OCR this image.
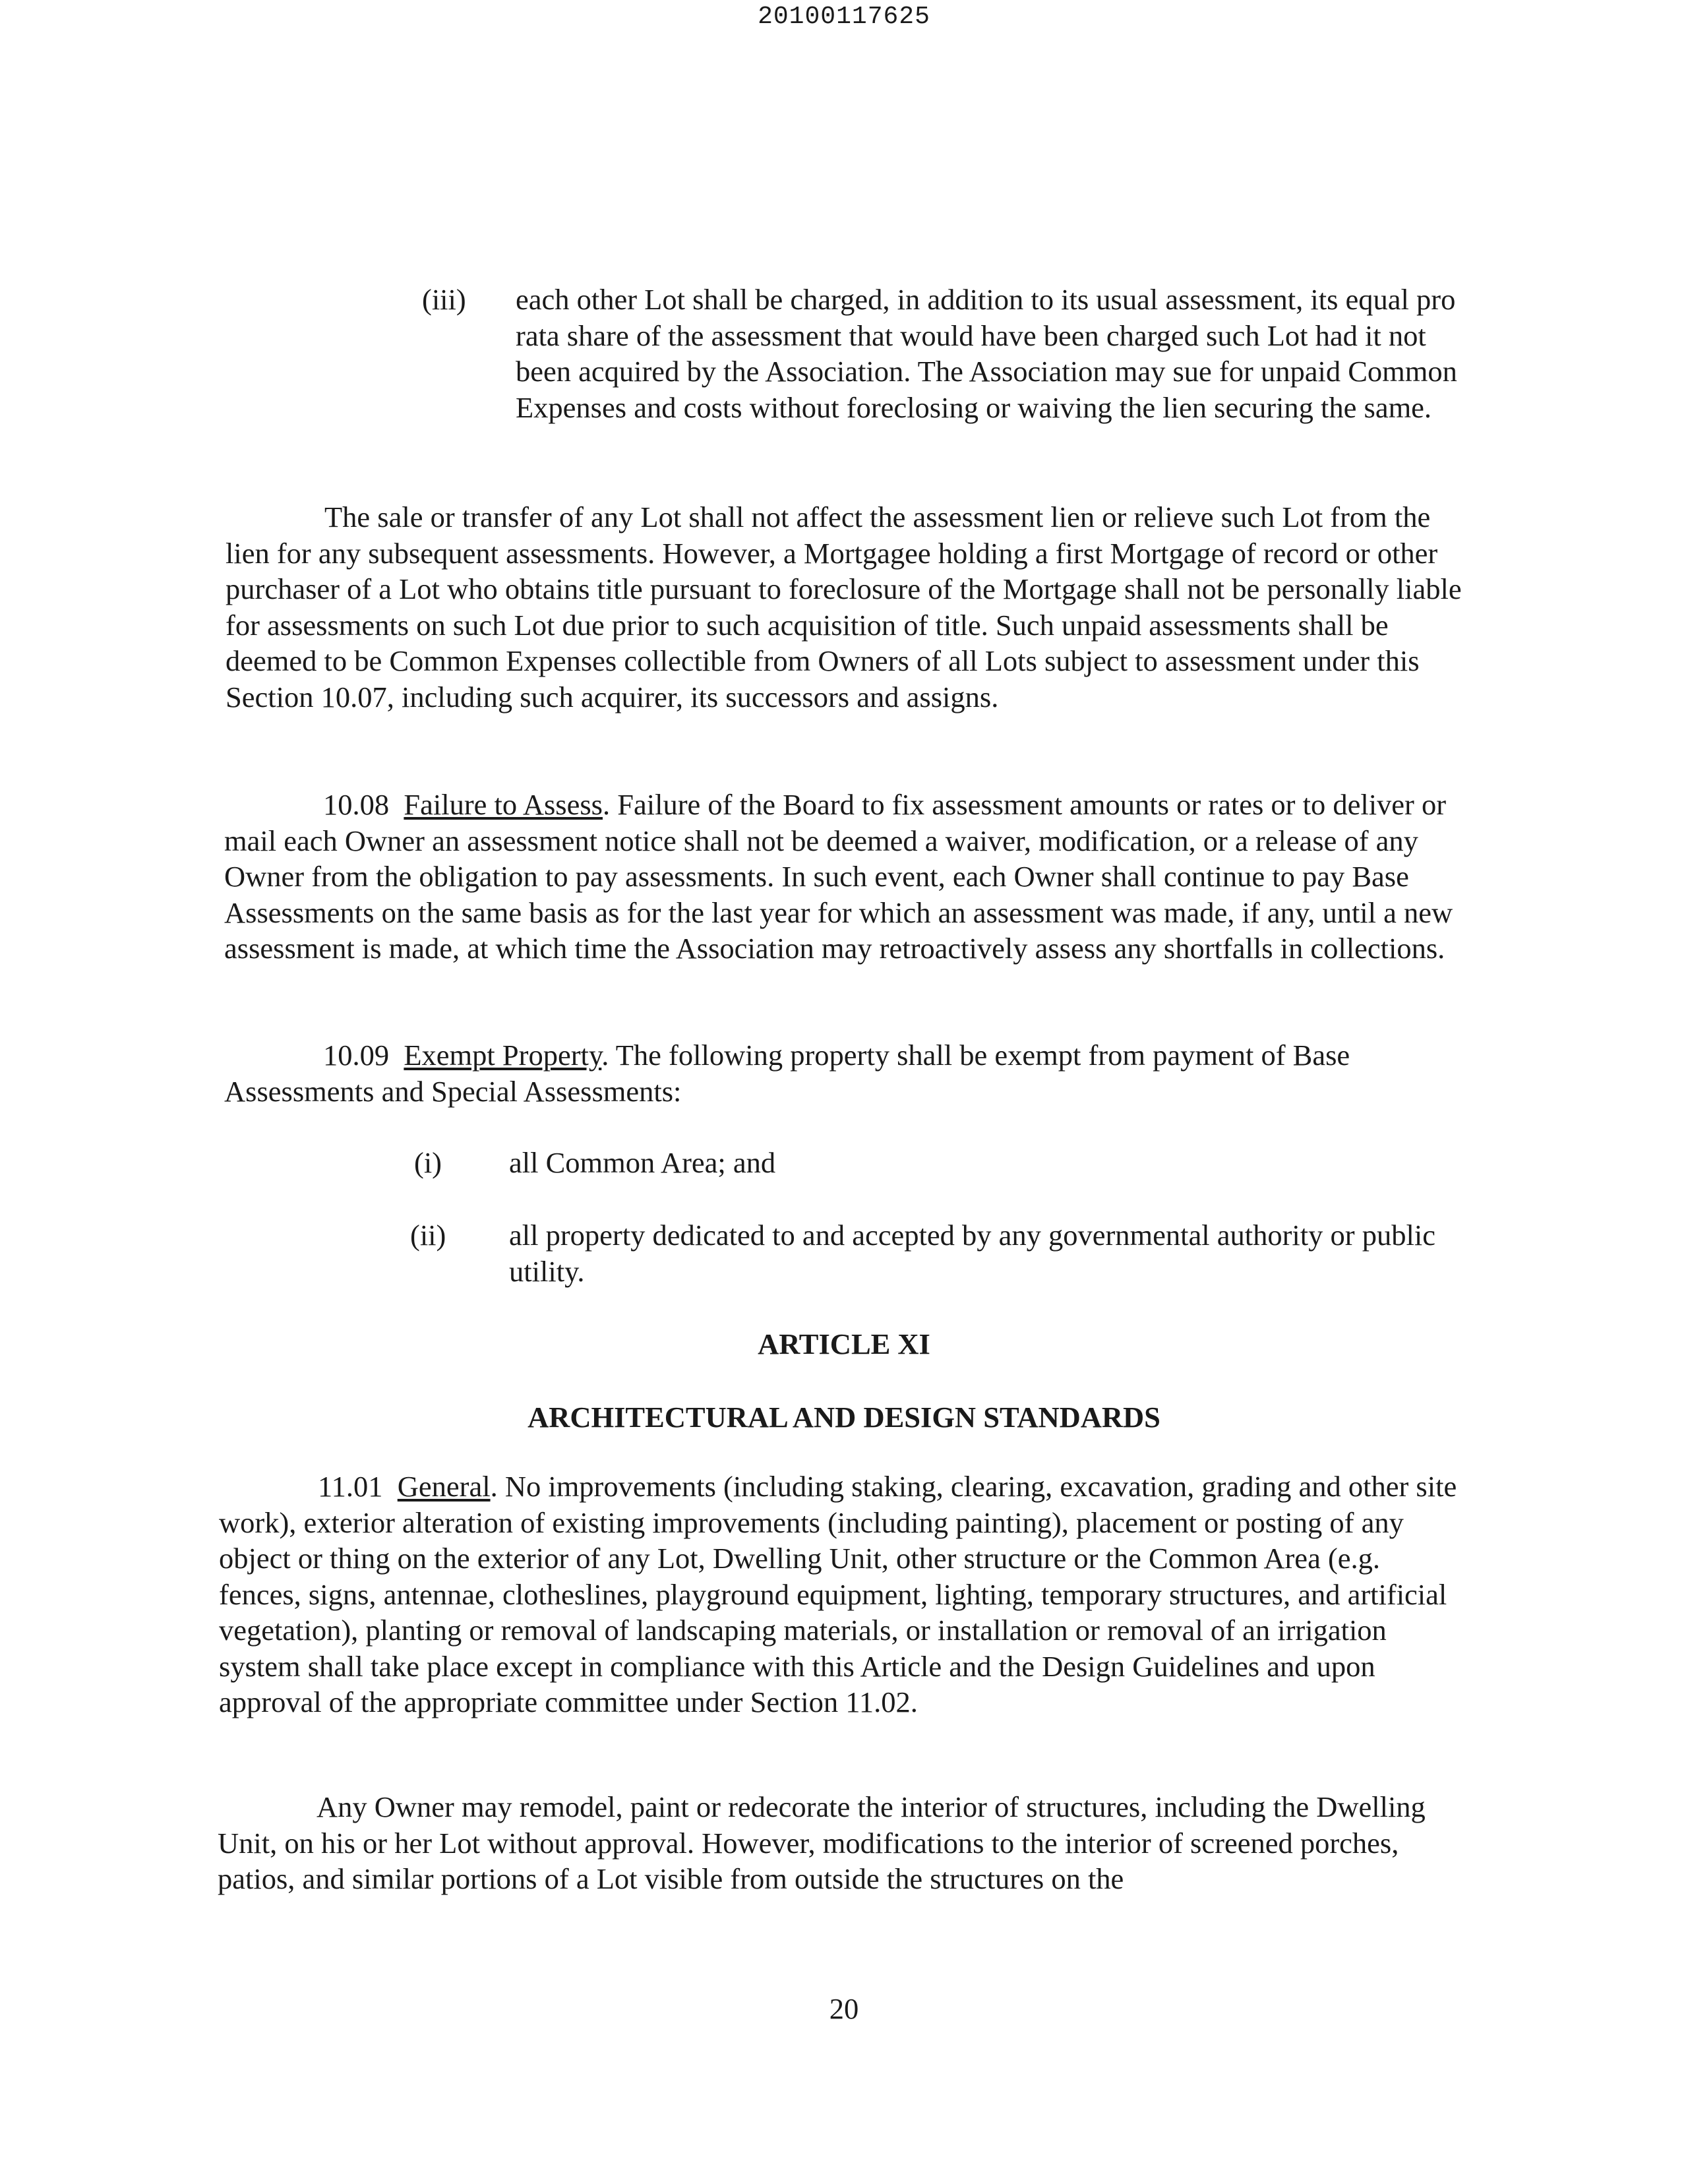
20100117625
(iii) each other Lot shall be charged, in addition to its usual assessment, its equal pro rata share of the assessment that would have been charged such Lot had it not been acquired by the Association. The Association may sue for unpaid Common Expenses and costs without foreclosing or waiving the lien securing the same.
The sale or transfer of any Lot shall not affect the assessment lien or relieve such Lot from the lien for any subsequent assessments. However, a Mortgagee holding a first Mortgage of record or other purchaser of a Lot who obtains title pursuant to foreclosure of the Mortgage shall not be personally liable for assessments on such Lot due prior to such acquisition of title. Such unpaid assessments shall be deemed to be Common Expenses collectible from Owners of all Lots subject to assessment under this Section 10.07, including such acquirer, its successors and assigns.
10.08 Failure to Assess. Failure of the Board to fix assessment amounts or rates or to deliver or mail each Owner an assessment notice shall not be deemed a waiver, modification, or a release of any Owner from the obligation to pay assessments. In such event, each Owner shall continue to pay Base Assessments on the same basis as for the last year for which an assessment was made, if any, until a new assessment is made, at which time the Association may retroactively assess any shortfalls in collections.
10.09 Exempt Property. The following property shall be exempt from payment of Base Assessments and Special Assessments:
(i) all Common Area; and
(ii) all property dedicated to and accepted by any governmental authority or public utility.
ARTICLE XI
ARCHITECTURAL AND DESIGN STANDARDS
11.01 General. No improvements (including staking, clearing, excavation, grading and other site work), exterior alteration of existing improvements (including painting), placement or posting of any object or thing on the exterior of any Lot, Dwelling Unit, other structure or the Common Area (e.g. fences, signs, antennae, clotheslines, playground equipment, lighting, temporary structures, and artificial vegetation), planting or removal of landscaping materials, or installation or removal of an irrigation system shall take place except in compliance with this Article and the Design Guidelines and upon approval of the appropriate committee under Section 11.02.
Any Owner may remodel, paint or redecorate the interior of structures, including the Dwelling Unit, on his or her Lot without approval. However, modifications to the interior of screened porches, patios, and similar portions of a Lot visible from outside the structures on the
20
